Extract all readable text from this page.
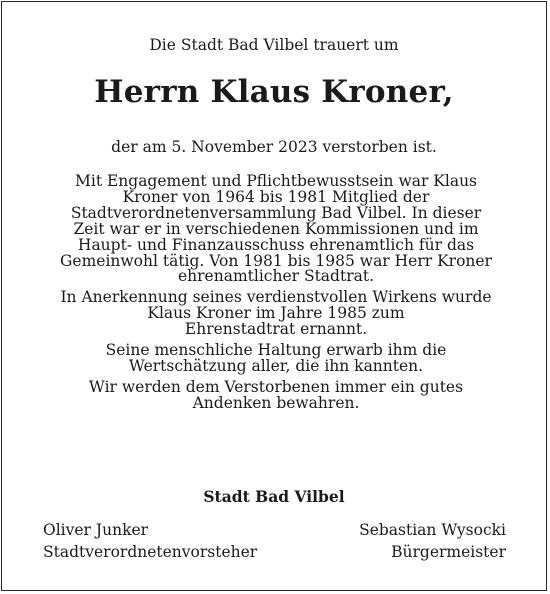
Die Stadt Bad Vilbel trauert um
Herrn Klaus Kroner,
der am 5. November 2023 verstorben ist.

Mit Engagement und Pflichtbewusstsein war Klaus
Kroner von 1964 bis 1981 Mitglied der
Stadtverordnetenversammlung Bad Vilbel. In dieser
Zeit war er in verschiedenen Kommissionen und im
Haupt- und Finanzausschuss ehrenamtlich für das
Gemeinwohl tätig. Von 1981 bis 1985 war Herr Kroner
ehrenamtlicher Stadtrat.

In Anerkennung seines verdienstvollen Wirkens wurde
Klaus Kroner im Jahre 1985 zum
Ehrenstadtrat ernannt.

Seine menschliche Haltung erwarb ihm die
Wertschätzung aller, die ihn kannten.

Wir werden dem Verstorbenen immer ein gutes
Andenken bewahren.

Stadt Bad Vilbel
Oliver Junker
Stadtverordnetenvorsteher
Sebastian Wysocki
Bürgermeister
